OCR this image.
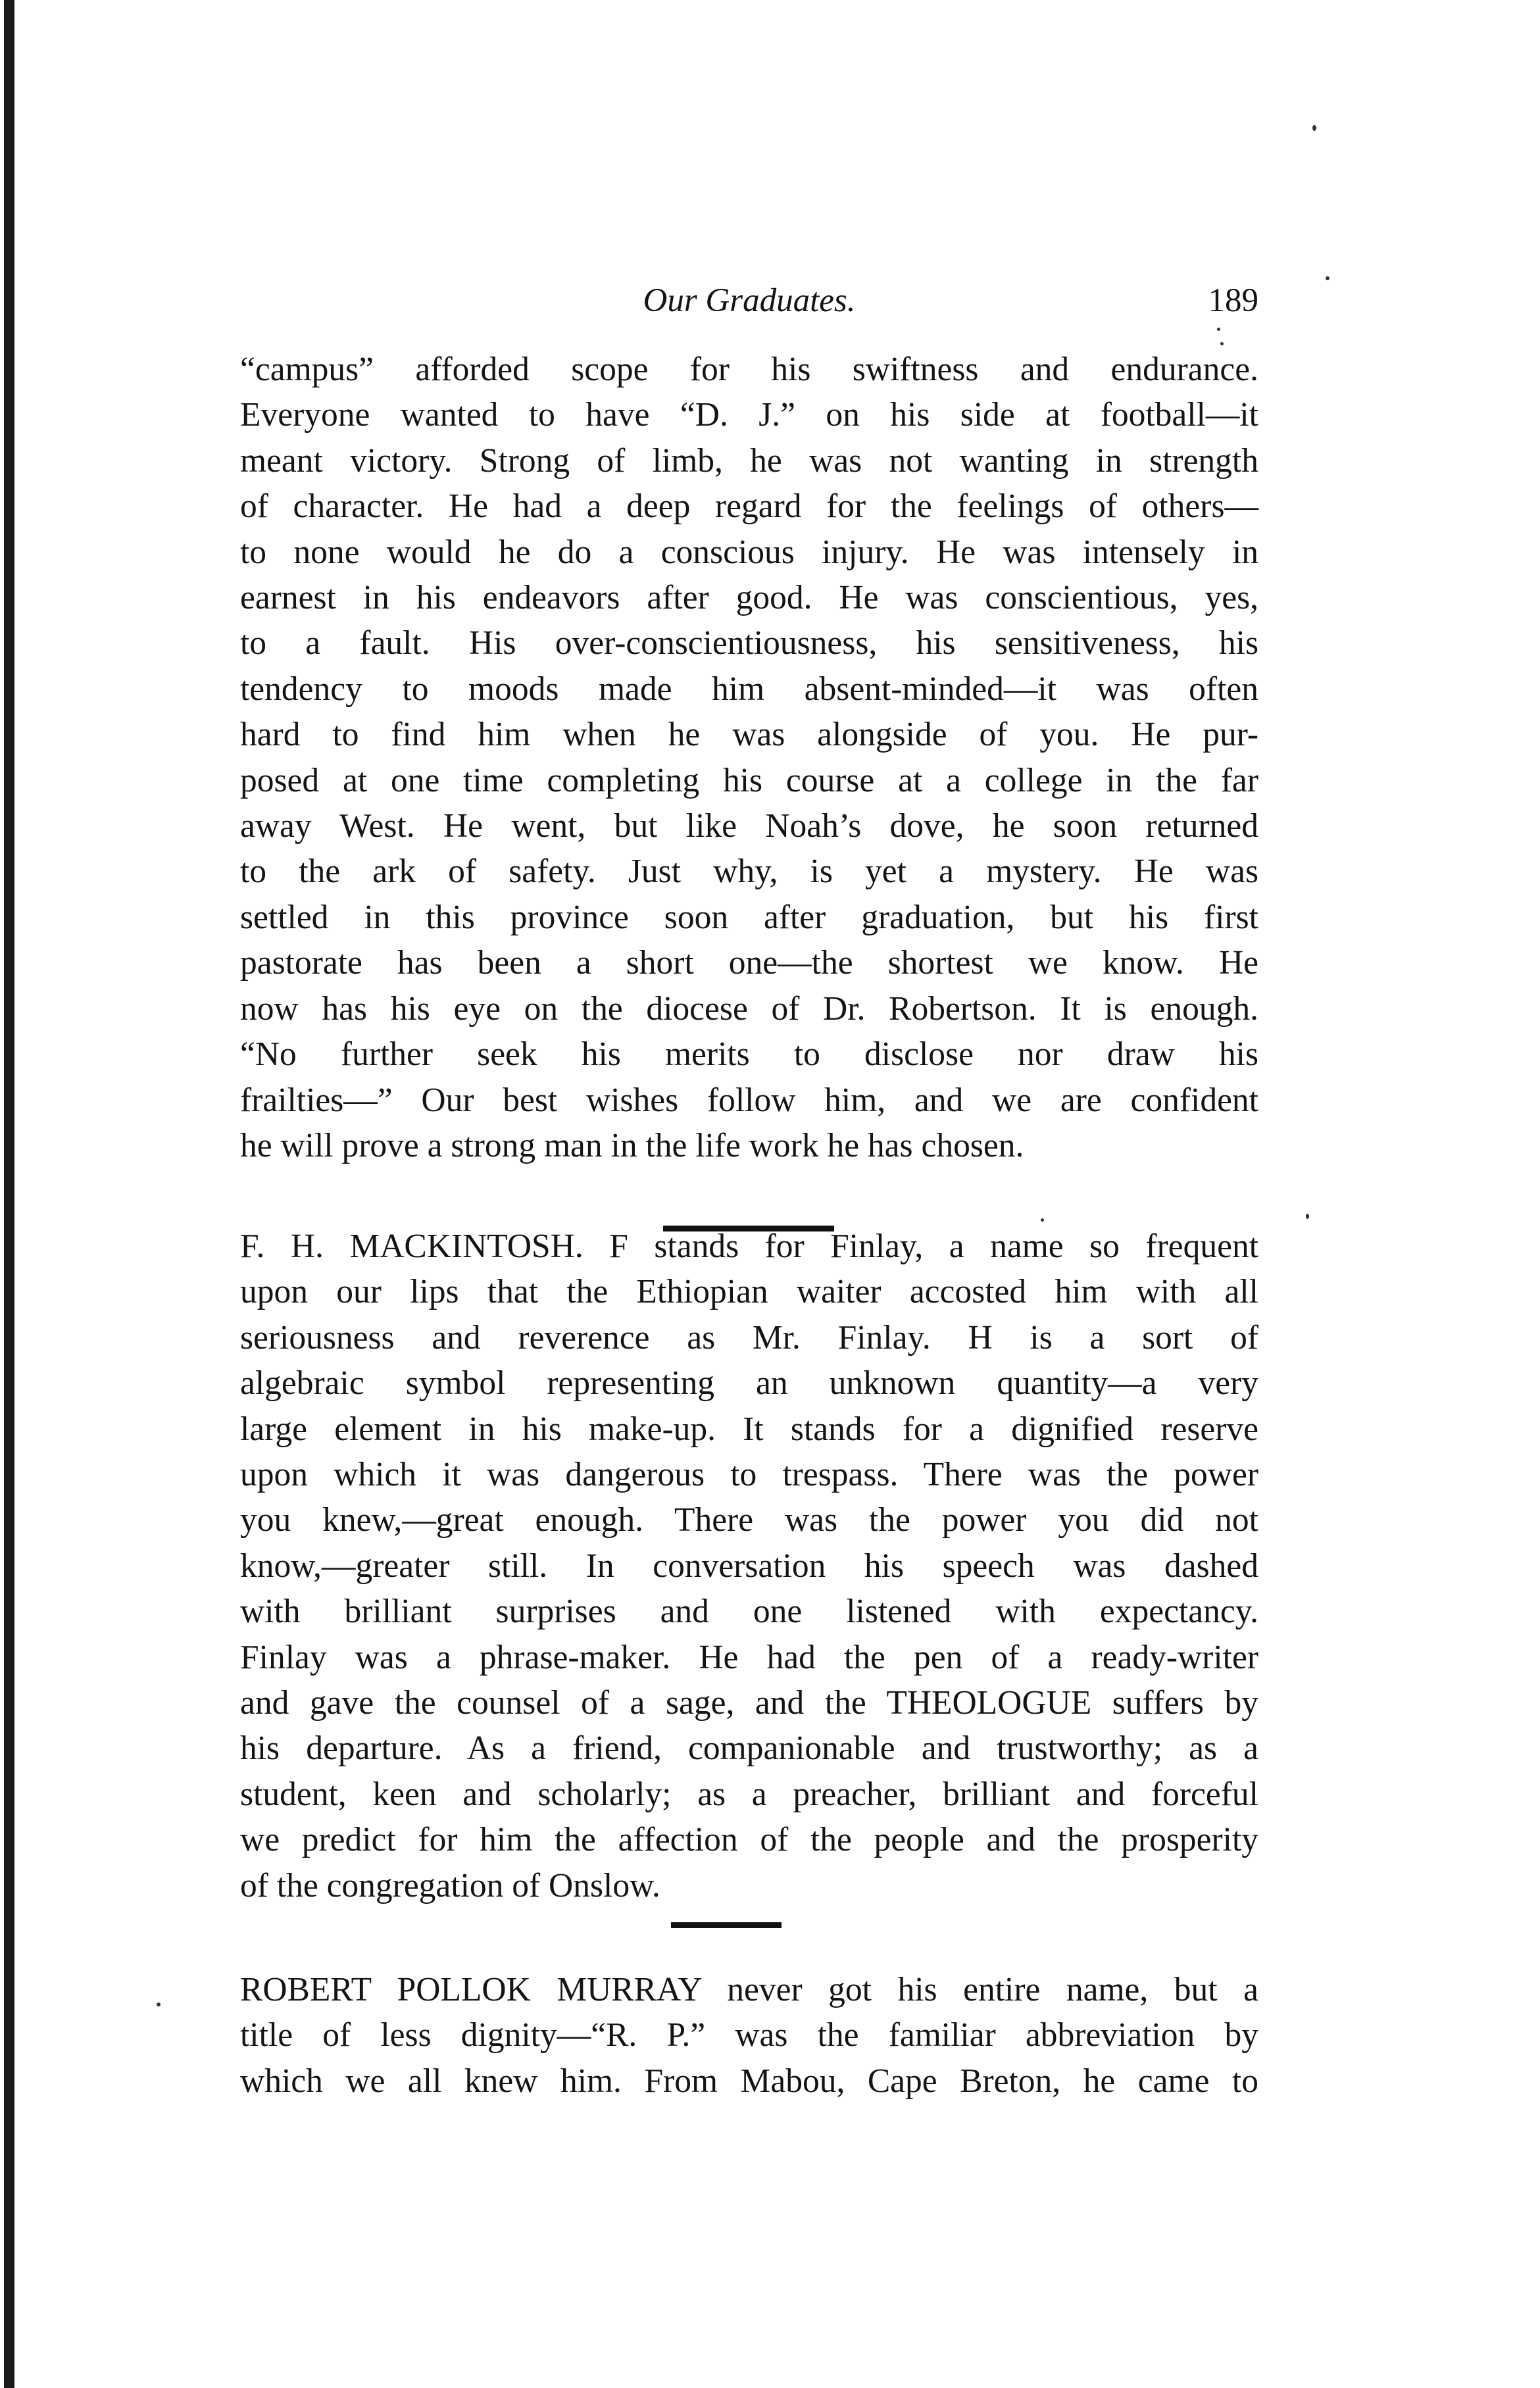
Our Graduates.	189
“campus” afforded scope for his swiftness and endurance.
Everyone wanted to have “D. J.” on his side at football—it
meant victory. Strong of limb, he was not wanting in strength
of character. He had a deep regard for the feelings of others—
to none would he do a conscious injury. He was intensely in
earnest in his endeavors after good. He was conscientious, yes,
to a fault. His over-conscientiousness, his sensitiveness, his
tendency to moods made him absent-minded—it was often
hard to find him when he was alongside of you. He pur-
posed at one time completing his course at a college in the far
away West. He went, but like Noah’s dove, he soon returned
to the ark of safety. Just why, is yet a mystery. He was
settled in this province soon after graduation, but his first
pastorate has been a short one—the shortest we know. He
now has his eye on the diocese of Dr. Robertson. It is enough.
“No further seek his merits to disclose nor draw his
frailties—” Our best wishes follow him, and we are confident
he will prove a strong man in the life work he has chosen.
F. H. MACKINTOSH. F stands for Finlay, a name so frequent
upon our lips that the Ethiopian waiter accosted him with all
seriousness and reverence as Mr. Finlay. H is a sort of
algebraic symbol representing an unknown quantity—a very
large element in his make-up. It stands for a dignified reserve
upon which it was dangerous to trespass. There was the power
you knew,—great enough. There was the power you did not
know,—greater still. In conversation his speech was dashed
with brilliant surprises and one listened with expectancy.
Finlay was a phrase-maker. He had the pen of a ready-writer
and gave the counsel of a sage, and the THEOLOGUE suffers by
his departure. As a friend, companionable and trustworthy; as a
student, keen and scholarly; as a preacher, brilliant and forceful
we predict for him the affection of the people and the prosperity
of the congregation of Onslow.
ROBERT POLLOK MURRAY never got his entire name, but a
title of less dignity—“R. P.” was the familiar abbreviation by
which we all knew him. From Mabou, Cape Breton, he came to
